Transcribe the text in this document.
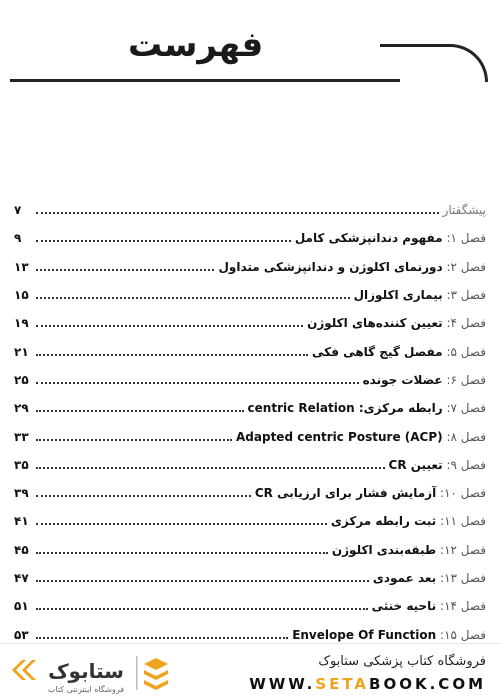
فهرست
پیشگفتار
۷
فصل ۱: مفهوم دندانپزشکی کامل
۹
فصل ۲: دورنمای اکلوژن و دندانپزشکی متداول
۱۳
فصل ۳: بیماری اکلوزال
۱۵
فصل ۴: تعیین کننده‌های اکلوژن
۱۹
فصل ۵: مفصل گیج گاهی فکی
۲۱
فصل ۶: عضلات جونده
۲۵
فصل ۷: رابطه مرکزی: centric Relation
۲۹
فصل ۸: Adapted centric Posture (ACP)
۳۳
فصل ۹: تعیین CR
۳۵
فصل ۱۰: آزمایش فشار برای ارزیابی CR
۳۹
فصل ۱۱: ثبت رابطه مرکزی
۴۱
فصل ۱۲: طبقه‌بندی اکلوژن
۴۵
فصل ۱۳: بعد عمودی
۴۷
فصل ۱۴: ناحیه خنثی
۵۱
فصل ۱۵: Envelope Of Function
۵۳
ستابوک
فروشگاه اینترنتی کتاب
فروشگاه کتاب پزشکی ستابوک
WWW.SETABOOK.COM
